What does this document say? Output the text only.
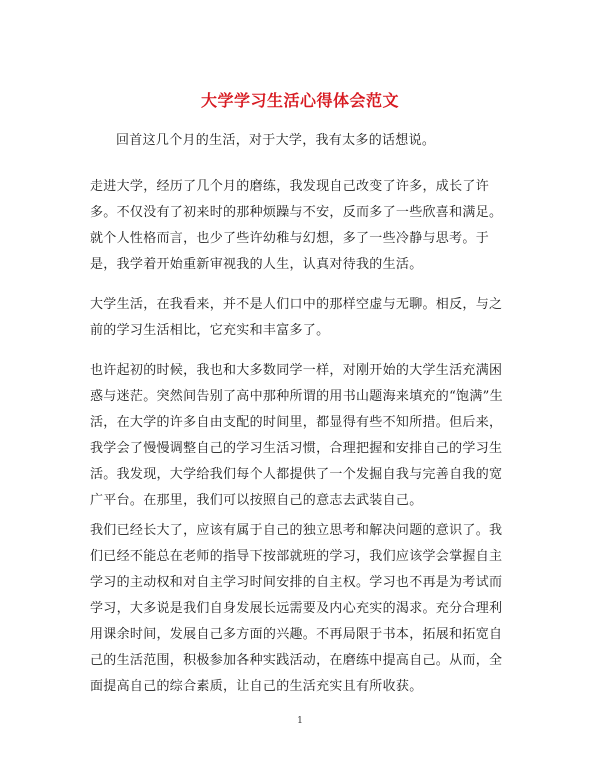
大学学习生活心得体会范文

回首这几个月的生活，对于大学，我有太多的话想说。

走进大学，经历了几个月的磨练，我发现自己改变了许多，成长了许多。不仅没有了初来时的那种烦躁与不安，反而多了一些欣喜和满足。就个人性格而言，也少了些许幼稚与幻想，多了一些冷静与思考。于是，我学着开始重新审视我的人生，认真对待我的生活。

大学生活，在我看来，并不是人们口中的那样空虚与无聊。相反，与之前的学习生活相比，它充实和丰富多了。

也许起初的时候，我也和大多数同学一样，对刚开始的大学生活充满困惑与迷茫。突然间告别了高中那种所谓的用书山题海来填充的“饱满”生活，在大学的许多自由支配的时间里，都显得有些不知所措。但后来，我学会了慢慢调整自己的学习生活习惯，合理把握和安排自己的学习生活。我发现，大学给我们每个人都提供了一个发掘自我与完善自我的宽广平台。在那里，我们可以按照自己的意志去武装自己。

我们已经长大了，应该有属于自己的独立思考和解决问题的意识了。我们已经不能总在老师的指导下按部就班的学习，我们应该学会掌握自主学习的主动权和对自主学习时间安排的自主权。学习也不再是为考试而学习，大多说是我们自身发展长远需要及内心充实的渴求。充分合理利用课余时间，发展自己多方面的兴趣。不再局限于书本，拓展和拓宽自己的生活范围，积极参加各种实践活动，在磨练中提高自己。从而，全面提高自己的综合素质，让自己的生活充实且有所收获。

1
